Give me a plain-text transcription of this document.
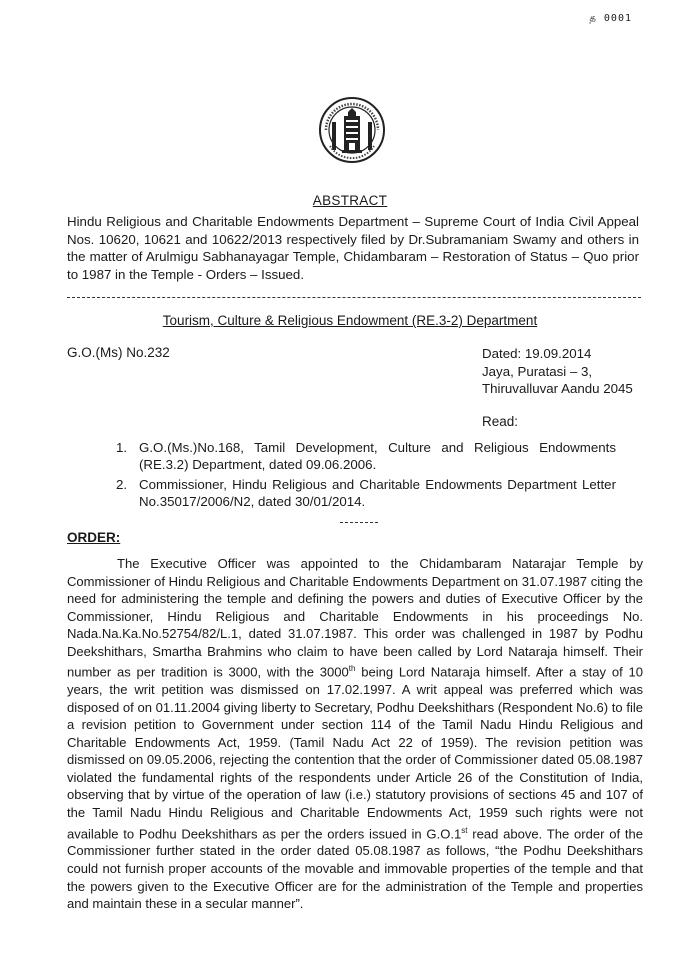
த 0001
ABSTRACT
Hindu Religious and Charitable Endowments Department – Supreme Court of India Civil Appeal Nos. 10620, 10621 and 10622/2013 respectively filed by Dr.Subramaniam Swamy and others in the matter of Arulmigu Sabhanayagar Temple, Chidambaram – Restoration of Status – Quo prior to 1987 in the Temple - Orders – Issued.
Tourism, Culture & Religious Endowment (RE.3-2) Department
G.O.(Ms) No.232	Dated: 19.09.2014
Jaya, Puratasi – 3,
Thiruvalluvar Aandu 2045
Read:
1. G.O.(Ms.)No.168, Tamil Development, Culture and Religious Endowments (RE.3.2) Department, dated 09.06.2006.
2. Commissioner, Hindu Religious and Charitable Endowments Department Letter No.35017/2006/N2, dated 30/01/2014.
ORDER:

The Executive Officer was appointed to the Chidambaram Natarajar Temple by Commissioner of Hindu Religious and Charitable Endowments Department on 31.07.1987 citing the need for administering the temple and defining the powers and duties of Executive Officer by the Commissioner, Hindu Religious and Charitable Endowments in his proceedings No. Nada.Na.Ka.No.52754/82/L.1, dated 31.07.1987. This order was challenged in 1987 by Podhu Deekshithars, Smartha Brahmins who claim to have been called by Lord Nataraja himself. Their number as per tradition is 3000, with the 3000th being Lord Nataraja himself. After a stay of 10 years, the writ petition was dismissed on 17.02.1997. A writ appeal was preferred which was disposed of on 01.11.2004 giving liberty to Secretary, Podhu Deekshithars (Respondent No.6) to file a revision petition to Government under section 114 of the Tamil Nadu Hindu Religious and Charitable Endowments Act, 1959. (Tamil Nadu Act 22 of 1959). The revision petition was dismissed on 09.05.2006, rejecting the contention that the order of Commissioner dated 05.08.1987 violated the fundamental rights of the respondents under Article 26 of the Constitution of India, observing that by virtue of the operation of law (i.e.) statutory provisions of sections 45 and 107 of the Tamil Nadu Hindu Religious and Charitable Endowments Act, 1959 such rights were not available to Podhu Deekshithars as per the orders issued in G.O.1st read above. The order of the Commissioner further stated in the order dated 05.08.1987 as follows, “the Podhu Deekshithars could not furnish proper accounts of the movable and immovable properties of the temple and that the powers given to the Executive Officer are for the administration of the Temple and properties and maintain these in a secular manner”.
